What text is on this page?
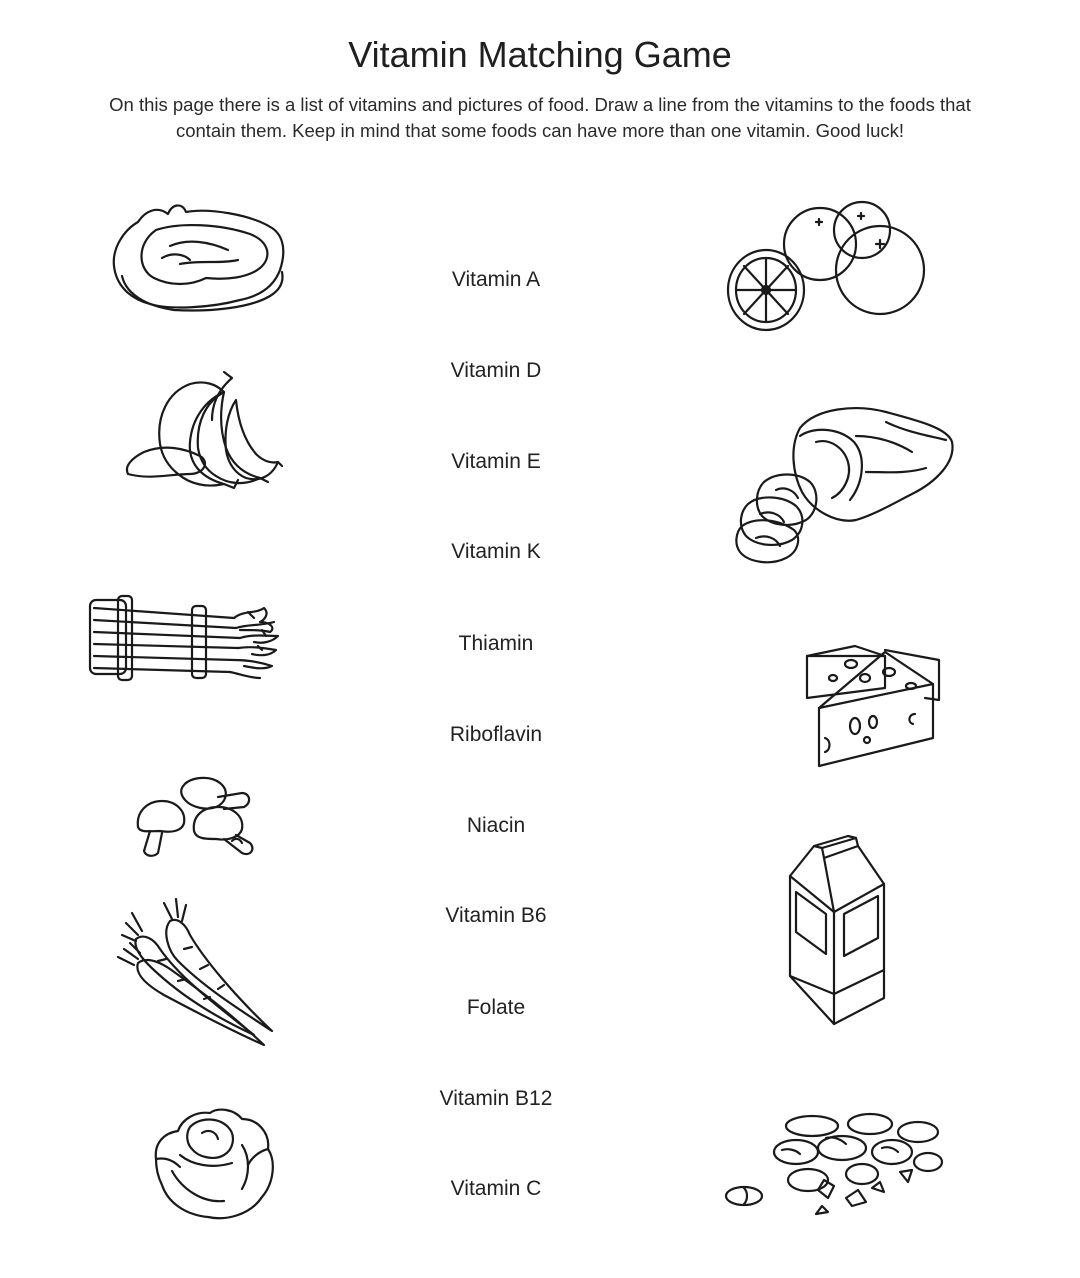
Vitamin Matching Game
On this page there is a list of vitamins and pictures of food. Draw a line from the vitamins to the foods that
contain them. Keep in mind that some foods can have more than one vitamin. Good luck!
Vitamin A
Vitamin D
Vitamin E
Vitamin K
Thiamin
Riboflavin
Niacin
Vitamin B6
Folate
Vitamin B12
Vitamin C
